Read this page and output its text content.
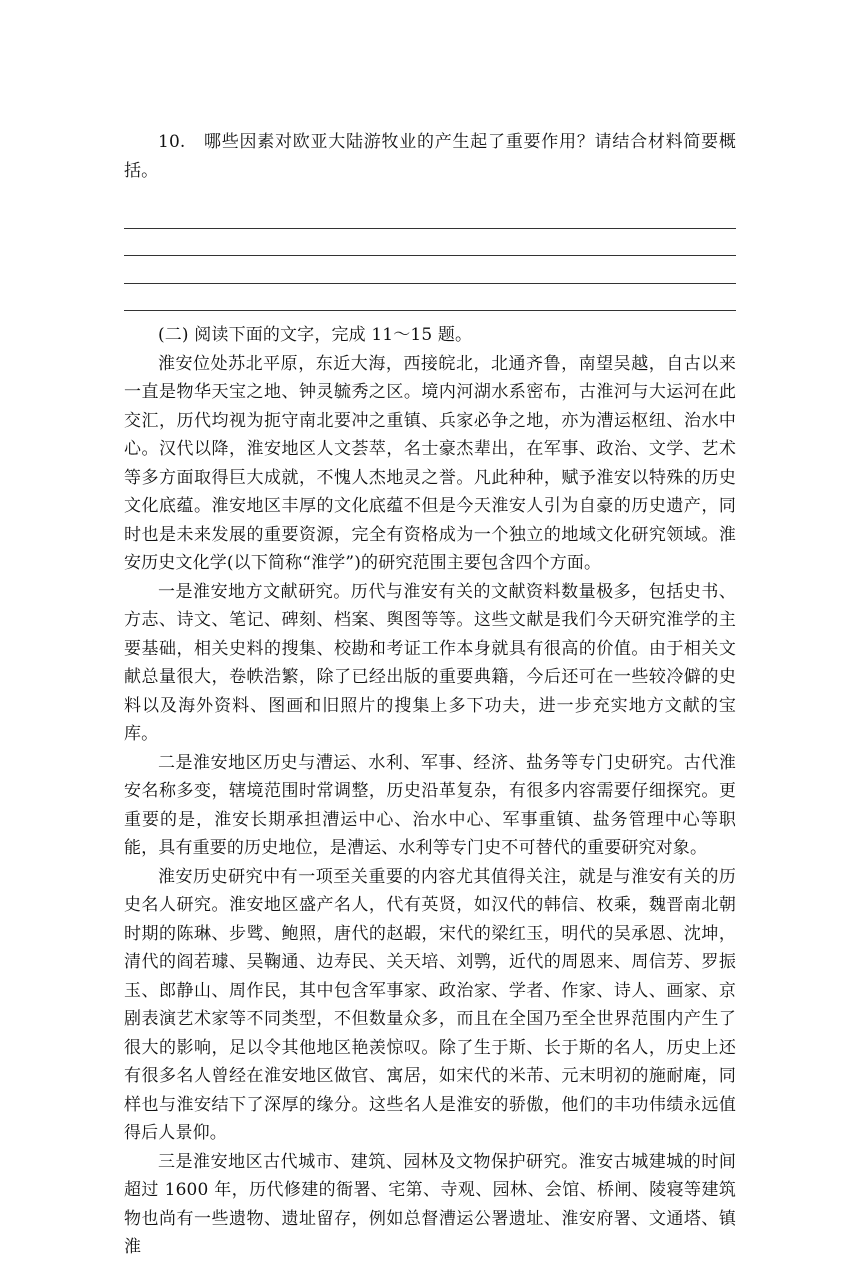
10. 哪些因素对欧亚大陆游牧业的产生起了重要作用？请结合材料简要概括。

(二) 阅读下面的文字，完成 11～15 题。

淮安位处苏北平原，东近大海，西接皖北，北通齐鲁，南望吴越，自古以来一直是物华天宝之地、钟灵毓秀之区。境内河湖水系密布，古淮河与大运河在此交汇，历代均视为扼守南北要冲之重镇、兵家必争之地，亦为漕运枢纽、治水中心。汉代以降，淮安地区人文荟萃，名士豪杰辈出，在军事、政治、文学、艺术等多方面取得巨大成就，不愧人杰地灵之誉。凡此种种，赋予淮安以特殊的历史文化底蕴。淮安地区丰厚的文化底蕴不但是今天淮安人引为自豪的历史遗产，同时也是未来发展的重要资源，完全有资格成为一个独立的地域文化研究领域。淮安历史文化学(以下简称“淮学”)的研究范围主要包含四个方面。

一是淮安地方文献研究。历代与淮安有关的文献资料数量极多，包括史书、方志、诗文、笔记、碑刻、档案、舆图等等。这些文献是我们今天研究淮学的主要基础，相关史料的搜集、校勘和考证工作本身就具有很高的价值。由于相关文献总量很大，卷帙浩繁，除了已经出版的重要典籍，今后还可在一些较冷僻的史料以及海外资料、图画和旧照片的搜集上多下功夫，进一步充实地方文献的宝库。

二是淮安地区历史与漕运、水利、军事、经济、盐务等专门史研究。古代淮安名称多变，辖境范围时常调整，历史沿革复杂，有很多内容需要仔细探究。更重要的是，淮安长期承担漕运中心、治水中心、军事重镇、盐务管理中心等职能，具有重要的历史地位，是漕运、水利等专门史不可替代的重要研究对象。

淮安历史研究中有一项至关重要的内容尤其值得关注，就是与淮安有关的历史名人研究。淮安地区盛产名人，代有英贤，如汉代的韩信、枚乘，魏晋南北朝时期的陈琳、步骘、鲍照，唐代的赵嘏，宋代的梁红玉，明代的吴承恩、沈坤，清代的阎若璩、吴鞠通、边寿民、关天培、刘鹗，近代的周恩来、周信芳、罗振玉、郎静山、周作民，其中包含军事家、政治家、学者、作家、诗人、画家、京剧表演艺术家等不同类型，不但数量众多，而且在全国乃至全世界范围内产生了很大的影响，足以令其他地区艳羡惊叹。除了生于斯、长于斯的名人，历史上还有很多名人曾经在淮安地区做官、寓居，如宋代的米芾、元末明初的施耐庵，同样也与淮安结下了深厚的缘分。这些名人是淮安的骄傲，他们的丰功伟绩永远值得后人景仰。

三是淮安地区古代城市、建筑、园林及文物保护研究。淮安古城建城的时间超过 1600 年，历代修建的衙署、宅第、寺观、园林、会馆、桥闸、陵寝等建筑物也尚有一些遗物、遗址留存，例如总督漕运公署遗址、淮安府署、文通塔、镇淮
